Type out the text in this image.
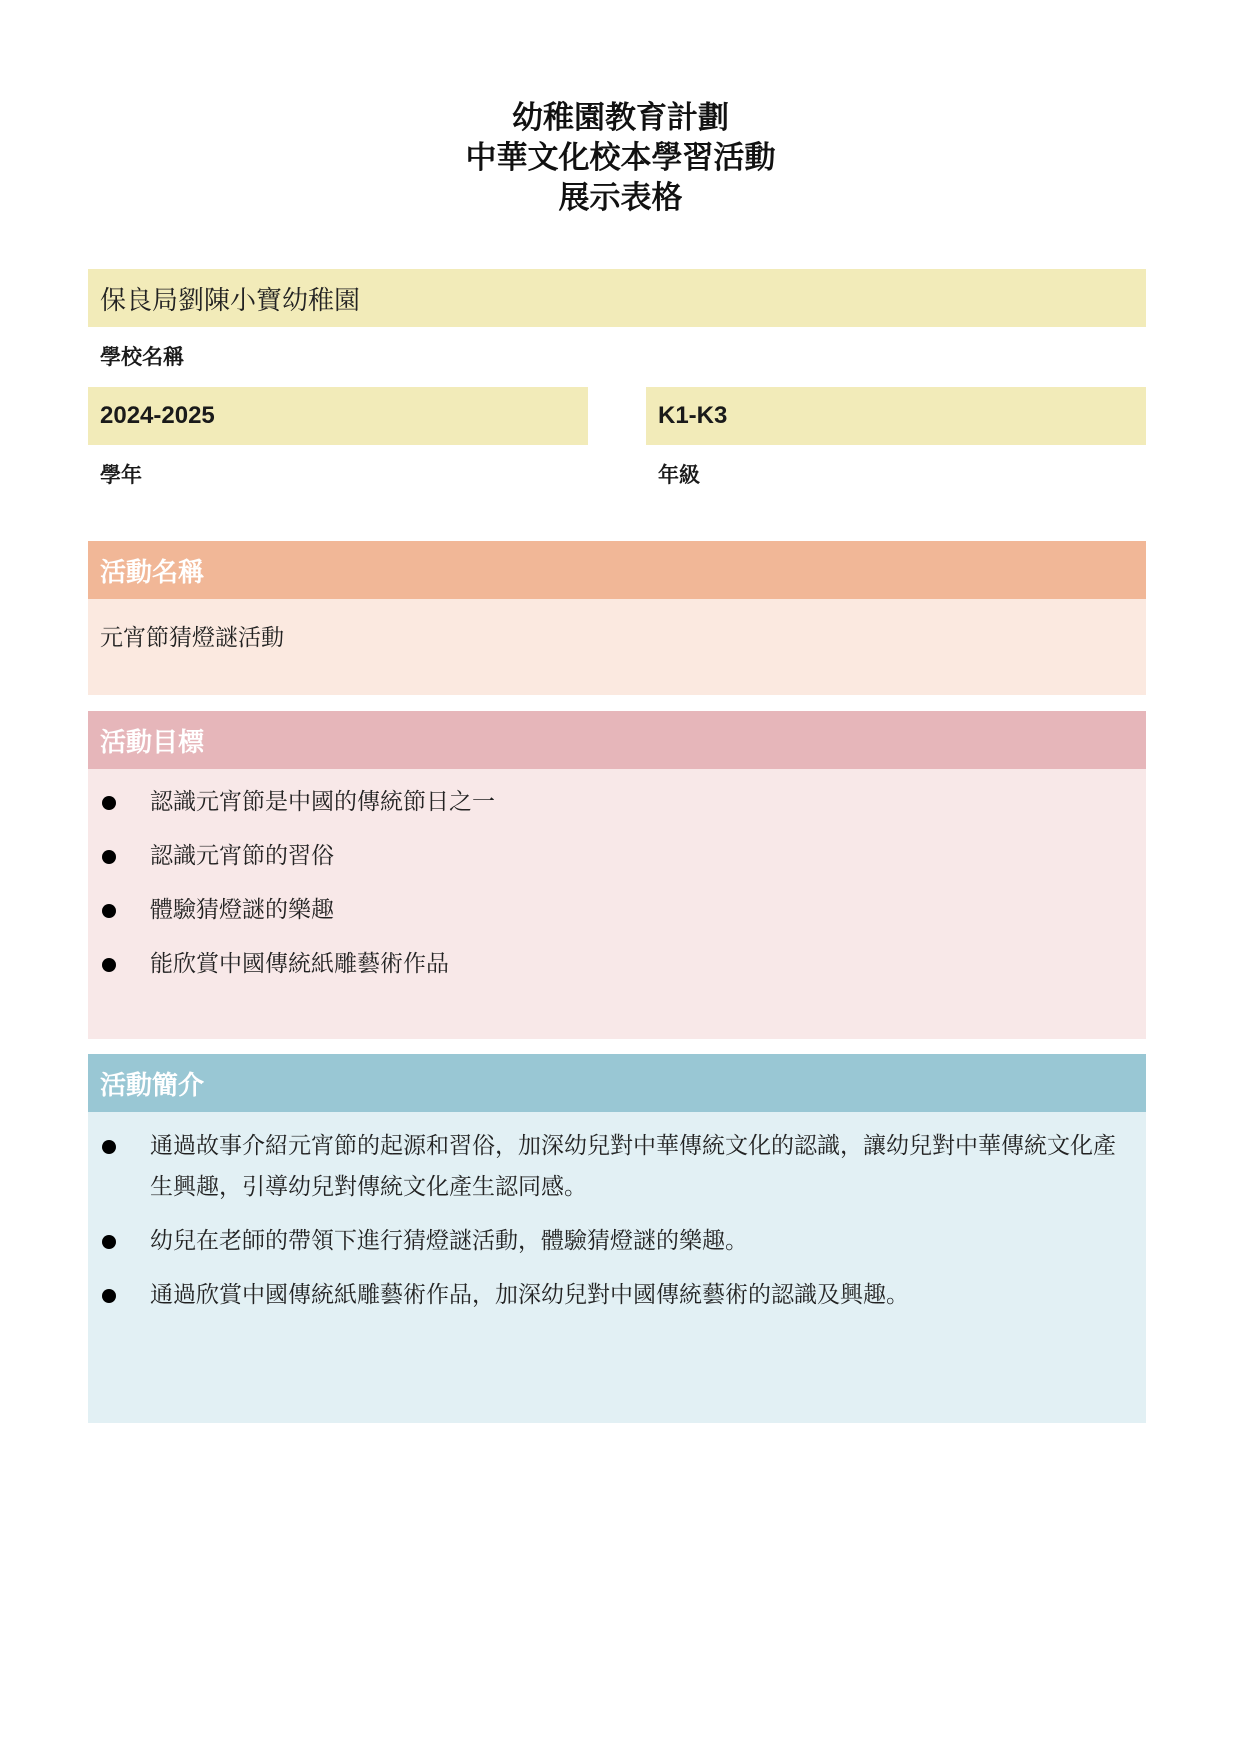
幼稚園教育計劃
中華文化校本學習活動
展示表格
保良局劉陳小寶幼稚園
學校名稱
2024-2025
學年
K1-K3
年級
活動名稱
元宵節猜燈謎活動
活動目標
認識元宵節是中國的傳統節日之一
認識元宵節的習俗
體驗猜燈謎的樂趣
能欣賞中國傳統紙雕藝術作品
活動簡介
通過故事介紹元宵節的起源和習俗，加深幼兒對中華傳統文化的認識，讓幼兒對中華傳統文化產生興趣，引導幼兒對傳統文化產生認同感。
幼兒在老師的帶領下進行猜燈謎活動，體驗猜燈謎的樂趣。
通過欣賞中國傳統紙雕藝術作品，加深幼兒對中國傳統藝術的認識及興趣。
